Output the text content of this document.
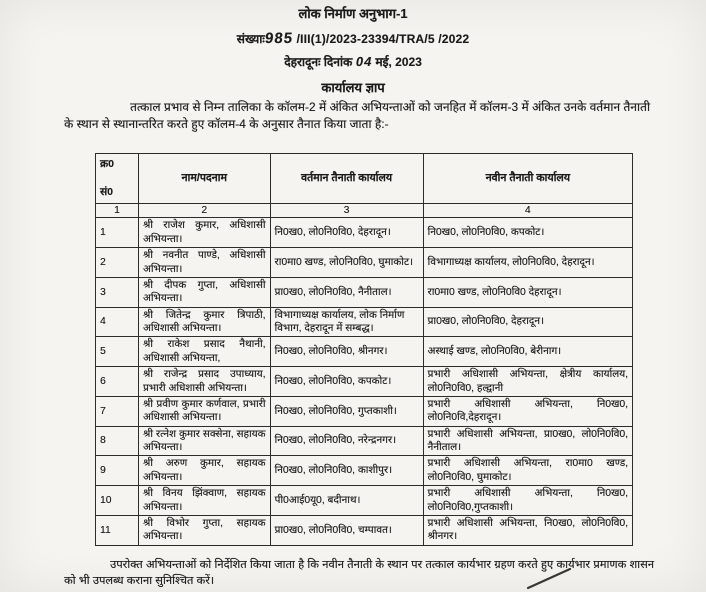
लोक निर्माण अनुभाग-1

संख्याः985 /III(1)/2023-23394/TRA/5 /2022

देहरादूनः दिनांक 04 मई, 2023

कार्यालय ज्ञाप

तत्काल प्रभाव से निम्न तालिका के कॉलम-2 में अंकित अभियन्ताओं को जनहित में कॉलम-3 में अंकित उनके वर्तमान तैनाती के स्थान से स्थानान्तरित करते हुए कॉलम-4 के अनुसार तैनात किया जाता है:-

क्र0
सं0	नाम/पदनाम	वर्तमान तैनाती कार्यालय	नवीन तैनाती कार्यालय
1	2	3	4
1	श्री राजेश कुमार, अधिशासी अभियन्ता।	नि0ख0, लो0नि0वि0, देहरादून।	नि0ख0, लो0नि0वि0, कपकोट।
2	श्री नवनीत पाण्डे, अधिशासी अभियन्ता।	रा0मा0 खण्ड, लो0नि0वि0, घुमाकोट।	विभागाध्यक्ष कार्यालय, लो0नि0वि0, देहरादून।
3	श्री दीपक गुप्ता, अधिशासी अभियन्ता।	प्रा0ख0, लो0नि0वि0, नैनीताल।	रा0मा0 खण्ड, लो0नि0वि0 देहरादून।
4	श्री जितेन्द्र कुमार त्रिपाठी, अधिशासी अभियन्ता।	विभागाध्यक्ष कार्यालय, लोक निर्माण विभाग, देहरादून में सम्बद्ध।	प्रा0ख0, लो0नि0वि0, देहरादून।
5	श्री राकेश प्रसाद नैथानी, अधिशासी अभियन्ता,	नि0ख0, लो0नि0वि0, श्रीनगर।	अस्थाई खण्ड, लो0नि0वि0, बेरीनाग।
6	श्री राजेन्द्र प्रसाद उपाध्याय, प्रभारी अधिशासी अभियन्ता।	नि0ख0, लो0नि0वि0, कपकोट।	प्रभारी अधिशासी अभियन्ता, क्षेत्रीय कार्यालय, लो0नि0वि0, हल्द्वानी
7	श्री प्रवीण कुमार कर्णवाल, प्रभारी अधिशासी अभियन्ता।	नि0ख0, लो0नि0वि0, गुप्तकाशी।	प्रभारी अधिशासी अभियन्ता, नि0ख0, लो0नि0वि,देहरादून।
8	श्री रत्नेश कुमार सक्सेना, सहायक अभियन्ता।	नि0ख0, लो0नि0वि0, नरेन्द्रनगर।	प्रभारी अधिशासी अभियन्ता, प्रा0ख0, लो0नि0वि0, नैनीताल।
9	श्री अरुण कुमार, सहायक अभियन्ता।	नि0ख0, लो0नि0वि0, काशीपुर।	प्रभारी अधिशासी अभियन्ता, रा0मा0 खण्ड, लो0नि0वि0, घुमाकोट।
10	श्री विनय झिंक्वाण, सहायक अभियन्ता।	पी0आई0यू0, बदीनाथ।	प्रभारी अधिशासी अभियन्ता, नि0ख0, लो0नि0वि0,गुप्तकाशी।
11	श्री विभोर गुप्ता, सहायक अभियन्ता।	प्रा0ख0, लो0नि0वि0, चम्पावत।	प्रभारी अधिशासी अभियन्ता, नि0ख0, लो0नि0वि0, श्रीनगर।

उपरोक्त अभियन्ताओं को निर्देशित किया जाता है कि नवीन तैनाती के स्थान पर तत्काल कार्यभार ग्रहण करते हुए कार्यभार प्रमाणक शासन को भी उपलब्ध कराना सुनिश्चित करें।
